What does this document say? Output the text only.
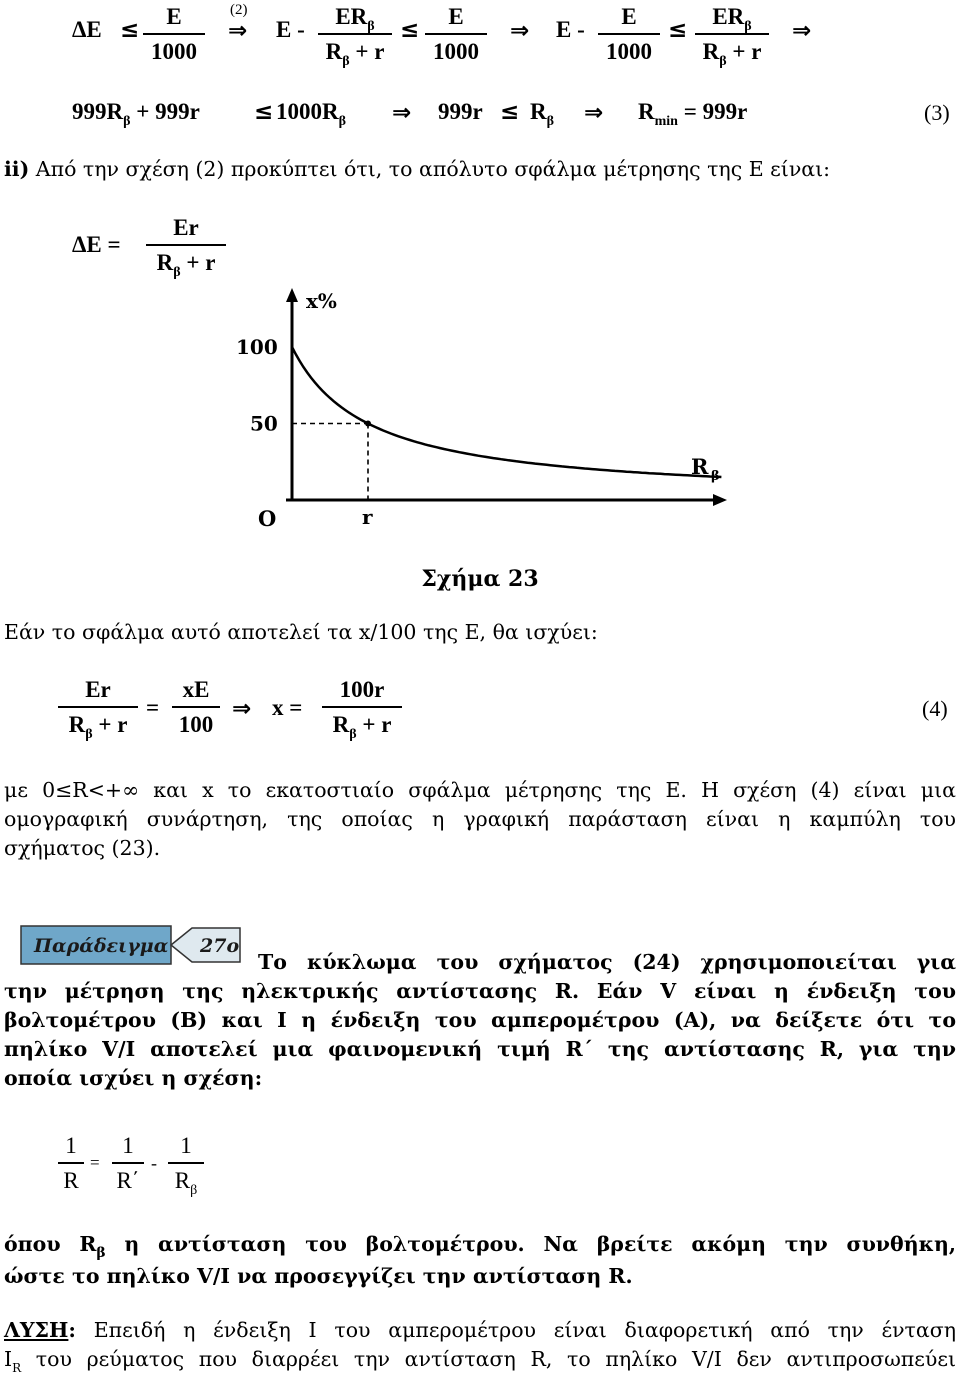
$\Delta E \le \frac{E}{1000} (2)$
⇒ E -
$ER_\beta$
$R_\beta + r$
≤ $\frac{E}{1000}$ ⇒ E - $\frac{E}{1000}$ ≤
$ER_\beta$
$R_\beta + r$
⇒
$999R_\beta + 999r \le 1000R_\beta$ ⇒ $999r \le R_\beta$ ⇒ $R_{min} = 999r$	(3)
ii) Από την σχέση (2) προκύπτει ότι, το απόλυτο σφάλμα μέτρησης της E είναι:
$\Delta E = \frac{Er}{R_\beta + r}$
100
50
x%
O	r
R β
Σχήμα 23
Εάν το σφάλμα αυτό αποτελεί τα x/100 της E, θα ισχύει:
$\frac{Er}{R_\beta + r} = \frac{xE}{100}$ ⇒ $x = \frac{100r}{R_\beta + r}$	(4)
με 0≤R<+∞ και x το εκατοστιαίο σφάλμα μέτρησης της E. Η σχέση (4) είναι μια
ομογραφική συνάρτηση, της οποίας η γραφική παράσταση είναι η καμπύλη του
σχήματος (23).
Παράδειγμα 27ο
Το κύκλωμα του σχήματος (24) χρησιμοποιείται για
την μέτρηση της ηλεκτρικής αντίστασης R. Εάν V είναι η ένδειξη του
βολτομέτρου (B) και I η ένδειξη του αμπερομέτρου (A), να δείξετε ότι το
πηλίκο V/I αποτελεί μια φαινομενική τιμή R΄ της αντίστασης R, για την
οποία ισχύει η σχέση:
$\frac{1}{R} = \frac{1}{R΄} - \frac{1}{R_\beta}$
όπου $R_\beta$ η αντίσταση του βολτομέτρου. Να βρείτε ακόμη την συνθήκη,
ώστε το πηλίκο V/I να προσεγγίζει την αντίσταση R.
ΛΥΣΗ: Επειδή η ένδειξη I του αμπερομέτρου είναι διαφορετική από την ένταση
$I_R$ του ρεύματος που διαρρέει την αντίσταση R, το πηλίκο V/I δεν αντιπροσωπεύει
